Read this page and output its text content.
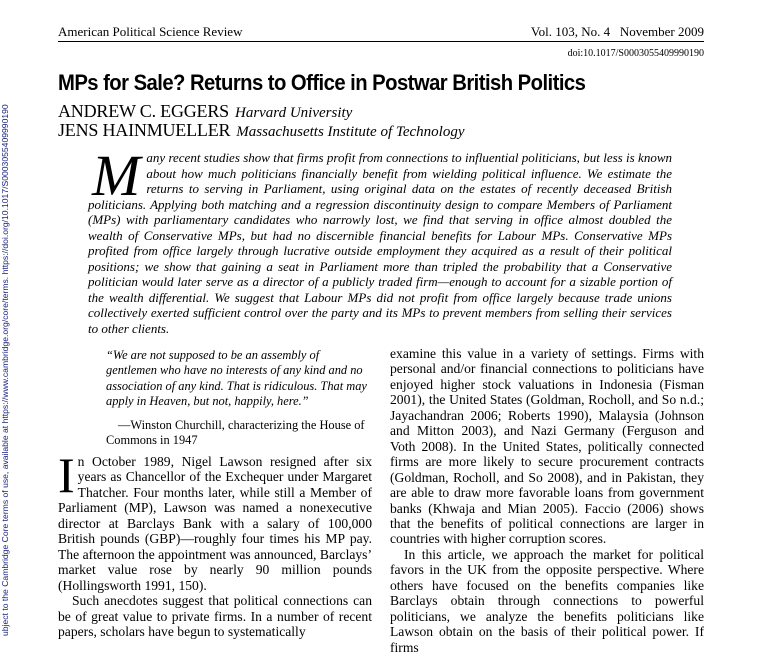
ubject to the Cambridge Core terms of use, available at https://www.cambridge.org/core/terms. https://doi.org/10.1017/S0003055409990190
American Political Science Review	Vol. 103, No. 4   November 2009
doi:10.1017/S0003055409990190
MPs for Sale? Returns to Office in Postwar British Politics
ANDREW C. EGGERS Harvard University
JENS HAINMUELLER Massachusetts Institute of Technology
Many recent studies show that firms profit from connections to influential politicians, but less is known about how much politicians financially benefit from wielding political influence. We estimate the returns to serving in Parliament, using original data on the estates of recently deceased British politicians. Applying both matching and a regression discontinuity design to compare Members of Parliament (MPs) with parliamentary candidates who narrowly lost, we find that serving in office almost doubled the wealth of Conservative MPs, but had no discernible financial benefits for Labour MPs. Conservative MPs profited from office largely through lucrative outside employment they acquired as a result of their political positions; we show that gaining a seat in Parliament more than tripled the probability that a Conservative politician would later serve as a director of a publicly traded firm—enough to account for a sizable portion of the wealth differential. We suggest that Labour MPs did not profit from office largely because trade unions collectively exerted sufficient control over the party and its MPs to prevent members from selling their services to other clients.
“We are not supposed to be an assembly of gentlemen who have no interests of any kind and no association of any kind. That is ridiculous. That may apply in Heaven, but not, happily, here.”
—Winston Churchill, characterizing the House of Commons in 1947

In October 1989, Nigel Lawson resigned after six years as Chancellor of the Exchequer under Margaret Thatcher. Four months later, while still a Member of Parliament (MP), Lawson was named a nonexecutive director at Barclays Bank with a salary of 100,000 British pounds (GBP)—roughly four times his MP pay. The afternoon the appointment was announced, Barclays’ market value rose by nearly 90 million pounds (Hollingsworth 1991, 150).

Such anecdotes suggest that political connections can be of great value to private firms. In a number of recent papers, scholars have begun to systematically

examine this value in a variety of settings. Firms with personal and/or financial connections to politicians have enjoyed higher stock valuations in Indonesia (Fisman 2001), the United States (Goldman, Rocholl, and So n.d.; Jayachandran 2006; Roberts 1990), Malaysia (Johnson and Mitton 2003), and Nazi Germany (Ferguson and Voth 2008). In the United States, politically connected firms are more likely to secure procurement contracts (Goldman, Rocholl, and So 2008), and in Pakistan, they are able to draw more favorable loans from government banks (Khwaja and Mian 2005). Faccio (2006) shows that the benefits of political connections are larger in countries with higher corruption scores.

In this article, we approach the market for political favors in the UK from the opposite perspective. Where others have focused on the benefits companies like Barclays obtain through connections to powerful politicians, we analyze the benefits politicians like Lawson obtain on the basis of their political power. If firms
